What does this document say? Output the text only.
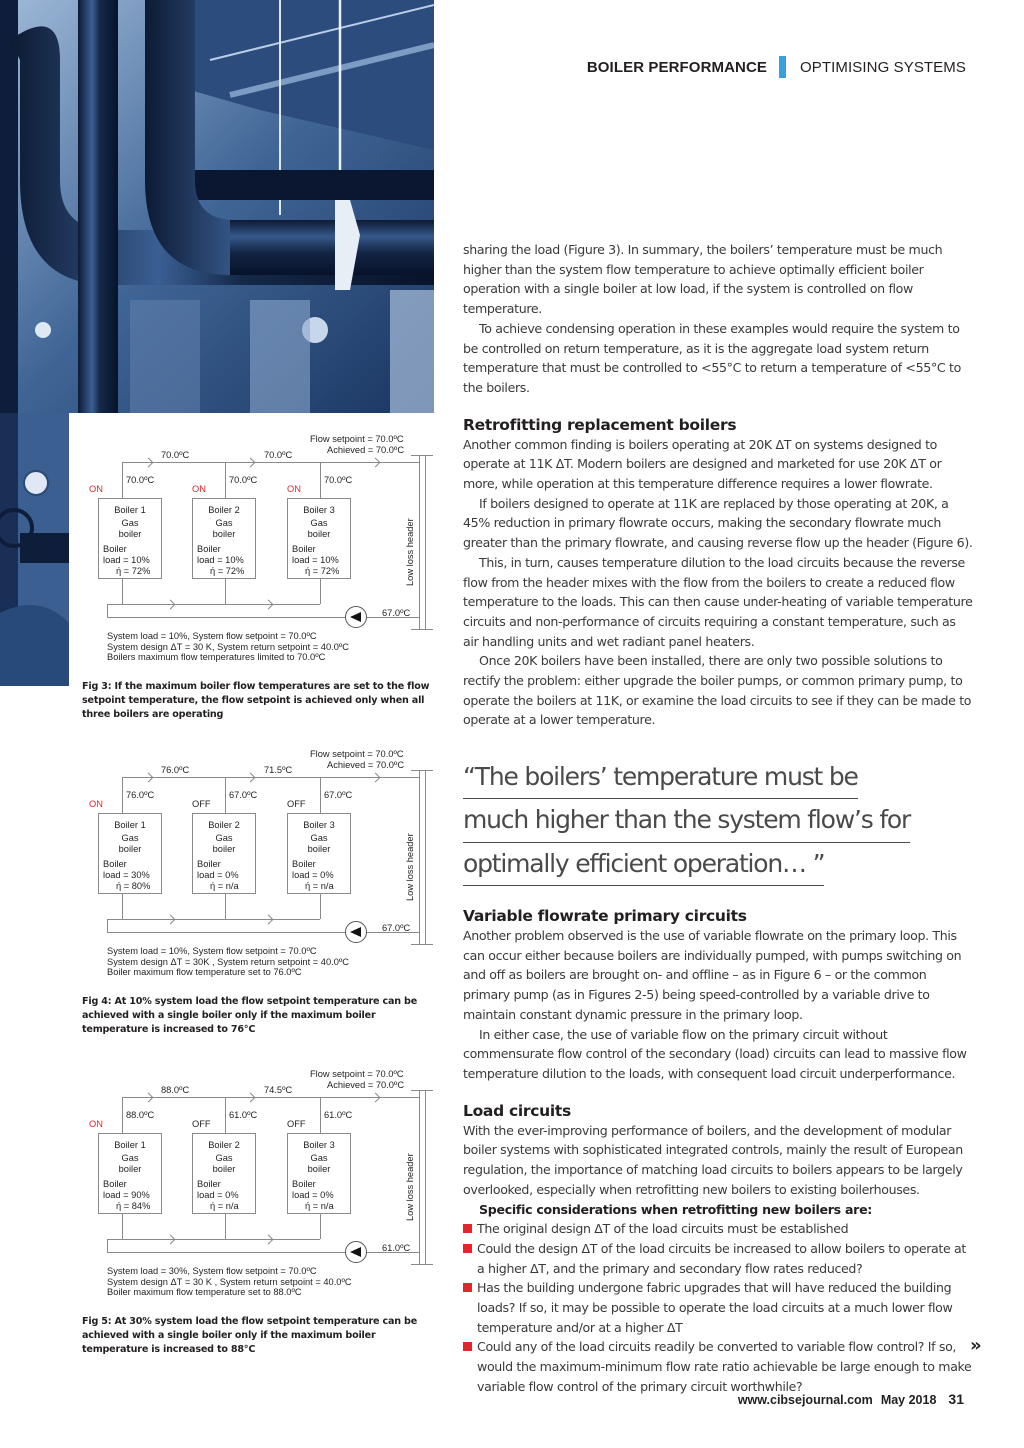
BOILER PERFORMANCE OPTIMISING SYSTEMS
Flow setpoint = 70.0ºC
Achieved = 70.0ºC
70.0ºC	70.0ºC
67.0ºC
Low loss header
70.0ºC
ON
Boiler 1
Gas
boiler
Boiler
load = 10%
ή = 72%
70.0ºC
ON
Boiler 2
Gas
boiler
Boiler
load = 10%
ή = 72%
70.0ºC
ON
Boiler 3
Gas
boiler
Boiler
load = 10%
ή = 72%
System load = 10%, System flow setpoint = 70.0ºC
System design ΔT = 30 K, System return setpoint = 40.0ºC
Boilers maximum flow temperatures limited to 70.0ºC
Fig 3: If the maximum boiler flow temperatures are set to the flow setpoint temperature, the flow setpoint is achieved only when all three boilers are operating
Flow setpoint = 70.0ºC
Achieved = 70.0ºC
76.0ºC	71.5ºC
67.0ºC
Low loss header
76.0ºC
ON
Boiler 1
Gas
boiler
Boiler
load = 30%
ή = 80%
67.0ºC
OFF
Boiler 2
Gas
boiler
Boiler
load = 0%
ή = n/a
67.0ºC
OFF
Boiler 3
Gas
boiler
Boiler
load = 0%
ή = n/a
System load = 10%, System flow setpoint = 70.0ºC
System design ΔT = 30K , System return setpoint = 40.0ºC
Boiler maximum flow temperature set to 76.0ºC
Fig 4: At 10% system load the flow setpoint temperature can be achieved with a single boiler only if the maximum boiler temperature is increased to 76°C
Flow setpoint = 70.0ºC
Achieved = 70.0ºC
88.0ºC	74.5ºC
61.0ºC
Low loss header
88.0ºC
ON
Boiler 1
Gas
boiler
Boiler
load = 90%
ή = 84%
61.0ºC
OFF
Boiler 2
Gas
boiler
Boiler
load = 0%
ή = n/a
61.0ºC
OFF
Boiler 3
Gas
boiler
Boiler
load = 0%
ή = n/a
System load = 30%, System flow setpoint = 70.0ºC
System design ΔT = 30 K , System return setpoint = 40.0ºC
Boiler maximum flow temperature set to 88.0ºC
Fig 5: At 30% system load the flow setpoint temperature can be achieved with a single boiler only if the maximum boiler temperature is increased to 88°C

sharing the load (Figure 3). In summary, the boilers’ temperature must be much higher than the system flow temperature to achieve optimally efficient boiler operation with a single boiler at low load, if the system is controlled on flow temperature.

To achieve condensing operation in these examples would require the system to be controlled on return temperature, as it is the aggregate load system return temperature that must be controlled to <55°C to return a temperature of <55°C to the boilers.

Retrofitting replacement boilers

Another common finding is boilers operating at 20K ΔT on systems designed to operate at 11K ΔT. Modern boilers are designed and marketed for use 20K ΔT or more, while operation at this temperature difference requires a lower flowrate.

If boilers designed to operate at 11K are replaced by those operating at 20K, a 45% reduction in primary flowrate occurs, making the secondary flowrate much greater than the primary flowrate, and causing reverse flow up the header (Figure 6).

This, in turn, causes temperature dilution to the load circuits because the reverse flow from the header mixes with the flow from the boilers to create a reduced flow temperature to the loads. This can then cause under-heating of variable temperature circuits and non-performance of circuits requiring a constant temperature, such as air handling units and wet radiant panel heaters.

Once 20K boilers have been installed, there are only two possible solutions to rectify the problem: either upgrade the boiler pumps, or common primary pump, to operate the boilers at 11K, or examine the load circuits to see if they can be made to operate at a lower temperature.

“The boilers’ temperature must be
much higher than the system flow’s for
optimally efficient operation… ”
Variable flowrate primary circuits

Another problem observed is the use of variable flowrate on the primary loop. This can occur either because boilers are individually pumped, with pumps switching on and off as boilers are brought on- and offline – as in Figure 6 – or the common primary pump (as in Figures 2-5) being speed-controlled by a variable drive to maintain constant dynamic pressure in the primary loop.

In either case, the use of variable flow on the primary circuit without commensurate flow control of the secondary (load) circuits can lead to massive flow temperature dilution to the loads, with consequent load circuit underperformance.

Load circuits

With the ever-improving performance of boilers, and the development of modular boiler systems with sophisticated integrated controls, mainly the result of European regulation, the importance of matching load circuits to boilers appears to be largely overlooked, especially when retrofitting new boilers to existing boilerhouses.

Specific considerations when retrofitting new boilers are:

The original design ΔT of the load circuits must be established
Could the design ΔT of the load circuits be increased to allow boilers to operate at a higher ΔT, and the primary and secondary flow rates reduced?
Has the building undergone fabric upgrades that will have reduced the building loads? If so, it may be possible to operate the load circuits at a much lower flow temperature and/or at a higher ΔT
Could any of the load circuits readily be converted to variable flow control? If so, would the maximum-minimum flow rate ratio achievable be large enough to make variable flow control of the primary circuit worthwhile?
»
www.cibsejournal.com May 2018 31
